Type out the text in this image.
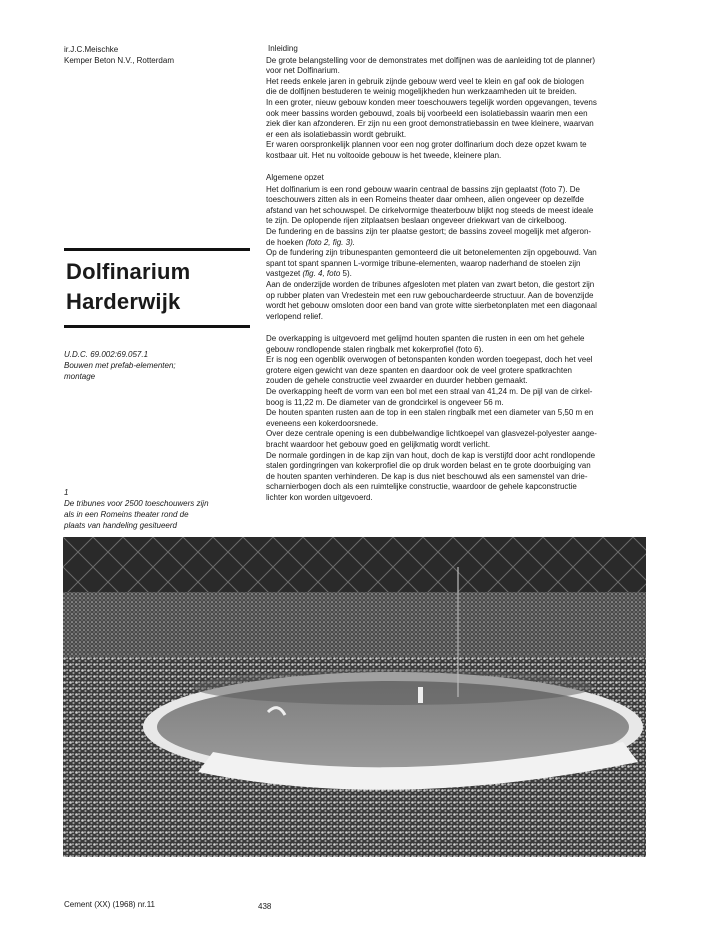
ir.J.C.Meischke
Kemper Beton N.V., Rotterdam
Dolfinarium
Harderwijk
U.D.C. 69.002:69.057.1
Bouwen met prefab-elementen;
montage
1
De tribunes voor 2500 toeschouwers zijn
als in een Romeins theater rond de
plaats van handeling gesitueerd
Inleiding
De grote belangstelling voor de demonstrates met dolfijnen was de aanleiding tot de planner)
voor net Dolfinarium.
Het reeds enkele jaren in gebruik zijnde gebouw werd veel te klein en gaf ook de biologen
die de dolfijnen bestuderen te weinig mogelijkheden hun werkzaamheden uit te breiden.
In een groter, nieuw gebouw konden meer toeschouwers tegelijk worden opgevangen, tevens
ook meer bassins worden gebouwd, zoals bij voorbeeld een isolatiebassin waarin men een
ziek dier kan afzonderen. Er zijn nu een groot demonstratiebassin en twee kleinere, waarvan
er een als isolatiebassin wordt gebruikt.
Er waren oorspronkelijk plannen voor een nog groter dolfinarium doch deze opzet kwam te
kostbaar uit. Het nu voltooide gebouw is het tweede, kleinere plan.
Algemene opzet
Het dolfinarium is een rond gebouw waarin centraal de bassins zijn geplaatst (foto 7). De
toeschouwers zitten als in een Romeins theater daar omheen, alien ongeveer op dezelfde
afstand van het schouwspel. De cirkelvormige theaterbouw blijkt nog steeds de meest ideale
te zijn. De oplopende rijen zitplaatsen beslaan ongeveer driekwart van de cirkelboog.
De fundering en de bassins zijn ter plaatse gestort; de bassins zoveel mogelijk met afgeron-
de hoeken (foto 2, fig. 3).
Op de fundering zijn tribunespanten gemonteerd die uit betonelementen zijn opgebouwd. Van
spant tot spant spannen L-vormige tribune-elementen, waarop naderhand de stoelen zijn
vastgezet (fig. 4, foto 5).
Aan de onderzijde worden de tribunes afgesloten met platen van zwart beton, die gestort zijn
op rubber platen van Vredestein met een ruw gebouchardeerde structuur. Aan de bovenzijde
wordt het gebouw omsloten door een band van grote witte sierbetonplaten met een diagonaal
verlopend relief.
De overkapping is uitgevoerd met gelijmd houten spanten die rusten in een om het gehele
gebouw rondlopende stalen ringbalk met kokerprofiel (foto 6).
Er is nog een ogenblik overwogen of betonspanten konden worden toegepast, doch het veel
grotere eigen gewicht van deze spanten en daardoor ook de veel grotere spatkrachten
zouden de gehele constructie veel zwaarder en duurder hebben gemaakt.
De overkapping heeft de vorm van een bol met een straal van 41,24 m. De pijl van de cirkel-
boog is 11,22 m. De diameter van de grondcirkel is ongeveer 56 m.
De houten spanten rusten aan de top in een stalen ringbalk met een diameter van 5,50 m en
eveneens een kokerdoorsnede.
Over deze centrale opening is een dubbelwandige lichtkoepel van glasvezel-polyester aange-
bracht waardoor het gebouw goed en gelijkmatig wordt verlicht.
De normale gordingen in de kap zijn van hout, doch de kap is verstijfd door acht rondlopende
stalen gordingringen van kokerprofiel die op druk worden belast en te grote doorbuiging van
de houten spanten verhinderen. De kap is dus niet beschouwd als een samenstel van drie-
scharnierbogen doch als een ruimtelijke constructie, waardoor de gehele kapconstructie
lichter kon worden uitgevoerd.
Cement (XX) (1968) nr.11	438
